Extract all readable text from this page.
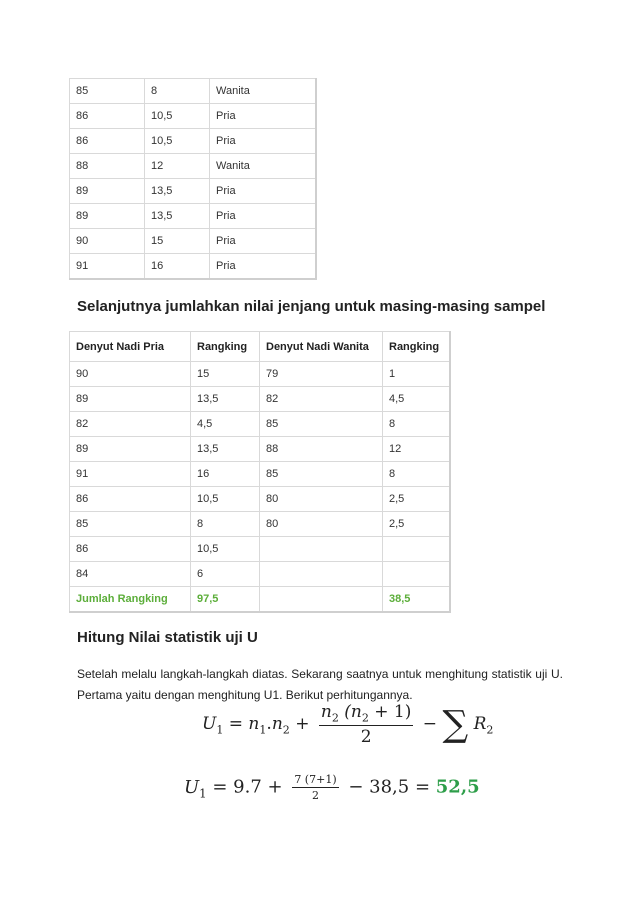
85	8	Wanita
86	10,5	Pria
86	10,5	Pria
88	12	Wanita
89	13,5	Pria
89	13,5	Pria
90	15	Pria
91	16	Pria
Selanjutnya jumlahkan nilai jenjang untuk masing-masing sampel
Denyut Nadi Pria	Rangking	Denyut Nadi Wanita	Rangking
90	15	79	1
89	13,5	82	4,5
82	4,5	85	8
89	13,5	88	12
91	16	85	8
86	10,5	80	2,5
85	8	80	2,5
86	10,5		
84	6		
Jumlah Rangking	97,5		38,5
Hitung Nilai statistik uji U

Setelah melalu langkah-langkah diatas. Sekarang saatnya untuk menghitung statistik uji U. Pertama yaitu dengan menghitung U1. Berikut perhitungannya.

$U_1 = n_1.n_2 + \frac{n_2 (n_2 + 1)}{2}$ − ∑ $R_2$
$U_1 = 9.7 + \frac{7 (7+1)}{2} - 38,5 = 52,5$
